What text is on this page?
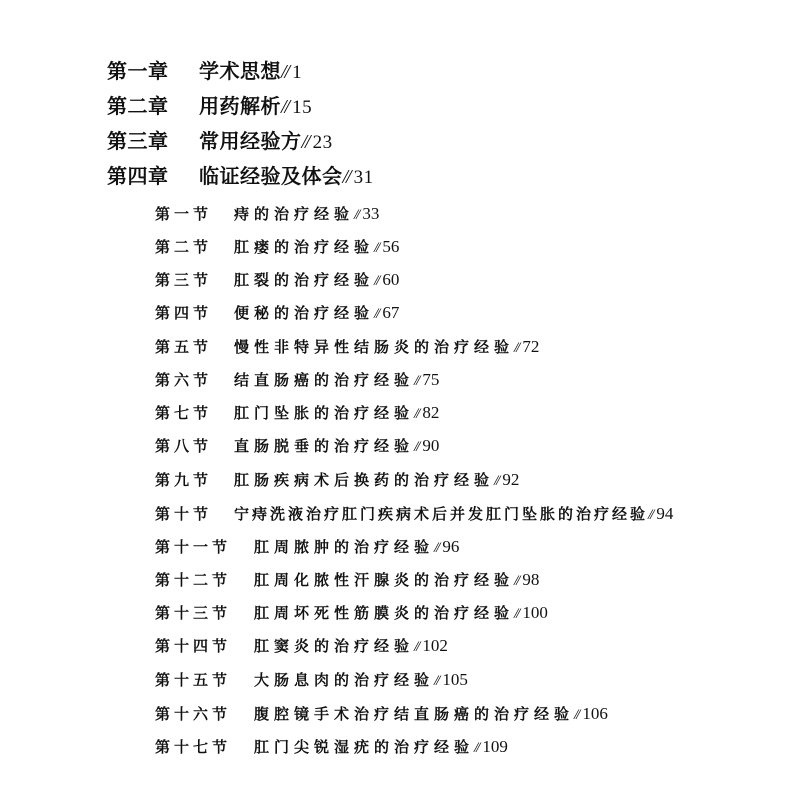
第一章 学术思想// 1
第二章 用药解析// 15
第三章 常用经验方// 23
第四章 临证经验及体会// 31
第一节 痔的治疗经验// 33
第二节 肛瘘的治疗经验// 56
第三节 肛裂的治疗经验// 60
第四节 便秘的治疗经验// 67
第五节 慢性非特异性结肠炎的治疗经验// 72
第六节 结直肠癌的治疗经验// 75
第七节 肛门坠胀的治疗经验// 82
第八节 直肠脱垂的治疗经验// 90
第九节 肛肠疾病术后换药的治疗经验// 92
第十节 宁痔洗液治疗肛门疾病术后并发肛门坠胀的治疗经验// 94
第十一节 肛周脓肿的治疗经验// 96
第十二节 肛周化脓性汗腺炎的治疗经验// 98
第十三节 肛周坏死性筋膜炎的治疗经验// 100
第十四节 肛窦炎的治疗经验// 102
第十五节 大肠息肉的治疗经验// 105
第十六节 腹腔镜手术治疗结直肠癌的治疗经验// 106
第十七节 肛门尖锐湿疣的治疗经验// 109
